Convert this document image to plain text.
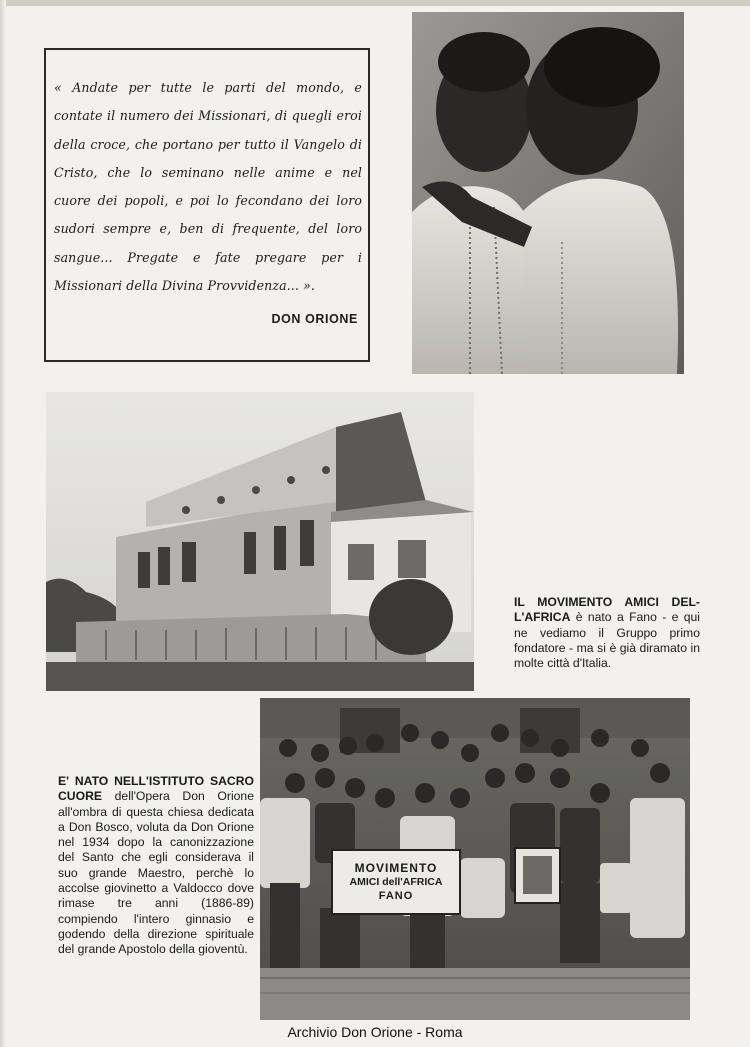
« Andate per tutte le parti del mondo, e contate il numero dei Missionari, di quegli eroi della croce, che portano per tutto il Vangelo di Cristo, che lo seminano nelle anime e nel cuore dei popoli, e poi lo fecondano dei loro sudori sempre e, ben di frequente, del loro sangue... Pregate e fate pregare per i Missionari della Divina Provvidenza... ».
DON ORIONE
IL MOVIMENTO AMICI DEL-L'AFRICA è nato a Fano - e qui ne vediamo il Gruppo primo fondatore - ma si è già diramato in molte città d'Italia.
E' NATO NELL'ISTITUTO SACRO CUORE dell'Opera Don Orione all'ombra di questa chiesa dedicata a Don Bosco, voluta da Don Orione nel 1934 dopo la canonizzazione del Santo che egli considerava il suo grande Maestro, perchè lo accolse giovinetto a Valdocco dove rimase tre anni (1886-89) compiendo l'intero ginnasio e godendo della direzione spirituale del grande Apostolo della gioventù.
MOVIMENTO
AMICI dell'AFRICA
FANO
Archivio Don Orione - Roma
